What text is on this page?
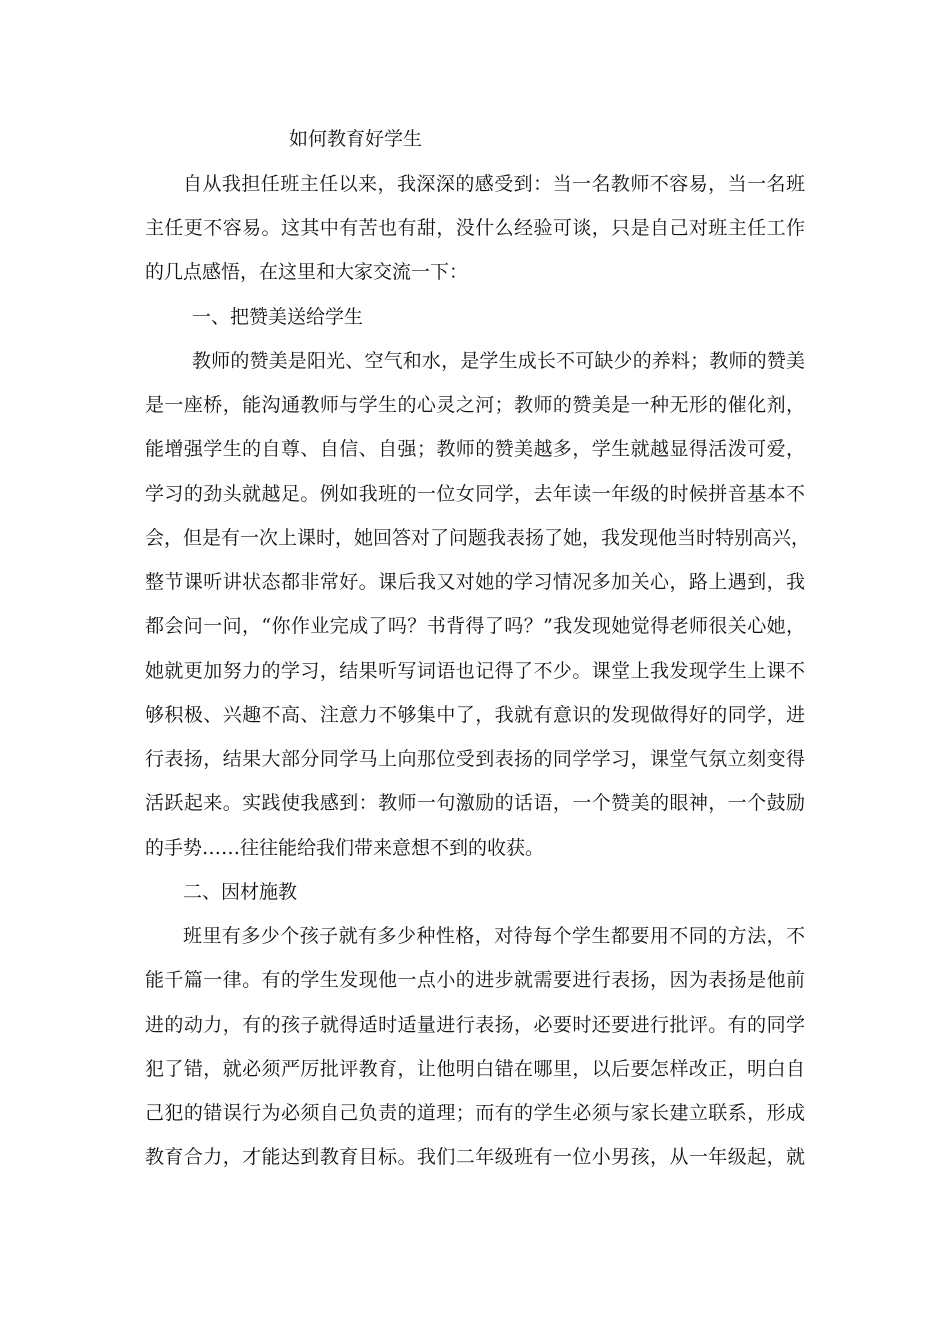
如何教育好学生
自从我担任班主任以来，我深深的感受到：当一名教师不容易，当一名班
主任更不容易。这其中有苦也有甜，没什么经验可谈，只是自己对班主任工作
的几点感悟，在这里和大家交流一下：
一、把赞美送给学生
教师的赞美是阳光、空气和水，是学生成长不可缺少的养料；教师的赞美
是一座桥，能沟通教师与学生的心灵之河；教师的赞美是一种无形的催化剂，
能增强学生的自尊、自信、自强；教师的赞美越多，学生就越显得活泼可爱，
学习的劲头就越足。例如我班的一位女同学，去年读一年级的时候拼音基本不
会，但是有一次上课时，她回答对了问题我表扬了她，我发现他当时特别高兴，
整节课听讲状态都非常好。课后我又对她的学习情况多加关心，路上遇到，我
都会问一问，“你作业完成了吗？书背得了吗？”我发现她觉得老师很关心她，
她就更加努力的学习，结果听写词语也记得了不少。课堂上我发现学生上课不
够积极、兴趣不高、注意力不够集中了，我就有意识的发现做得好的同学，进
行表扬，结果大部分同学马上向那位受到表扬的同学学习，课堂气氛立刻变得
活跃起来。实践使我感到：教师一句激励的话语，一个赞美的眼神，一个鼓励
的手势……往往能给我们带来意想不到的收获。
二、因材施教
班里有多少个孩子就有多少种性格，对待每个学生都要用不同的方法，不
能千篇一律。有的学生发现他一点小的进步就需要进行表扬，因为表扬是他前
进的动力，有的孩子就得适时适量进行表扬，必要时还要进行批评。有的同学
犯了错，就必须严厉批评教育，让他明白错在哪里，以后要怎样改正，明白自
己犯的错误行为必须自己负责的道理；而有的学生必须与家长建立联系，形成
教育合力，才能达到教育目标。我们二年级班有一位小男孩，从一年级起，就
